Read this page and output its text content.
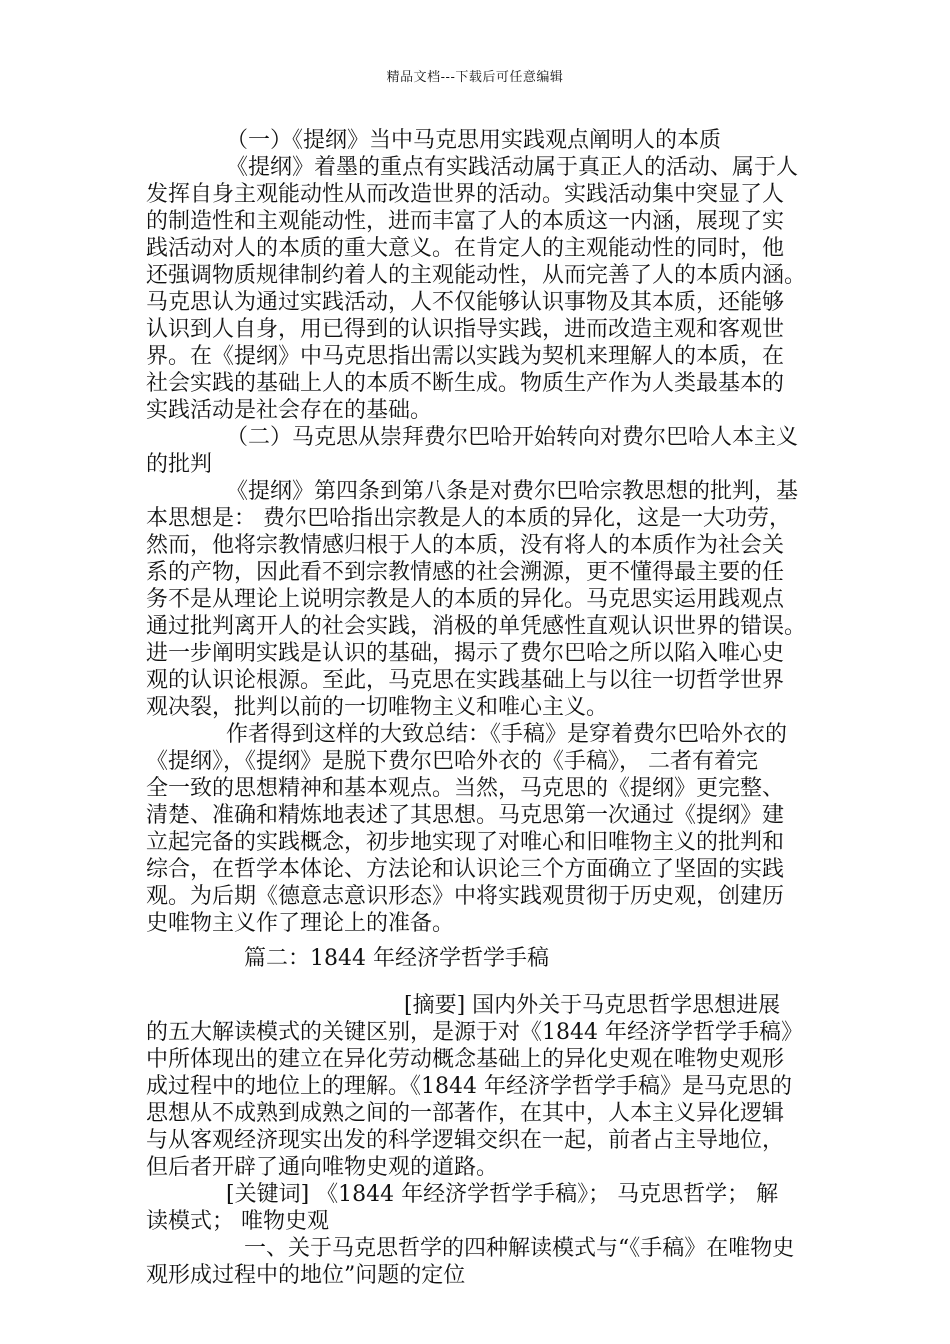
精品文档---下载后可任意编辑
（一）《提纲》当中马克思用实践观点阐明人的本质
《提纲》着墨的重点有实践活动属于真正人的活动、属于人
发挥自身主观能动性从而改造世界的活动。实践活动集中突显了人
的制造性和主观能动性，进而丰富了人的本质这一内涵，展现了实
践活动对人的本质的重大意义。在肯定人的主观能动性的同时，他
还强调物质规律制约着人的主观能动性，从而完善了人的本质内涵。
马克思认为通过实践活动，人不仅能够认识事物及其本质，还能够
认识到人自身，用已得到的认识指导实践，进而改造主观和客观世
界。在《提纲》中马克思指出需以实践为契机来理解人的本质，在
社会实践的基础上人的本质不断生成。物质生产作为人类最基本的
实践活动是社会存在的基础。
（二）马克思从崇拜费尔巴哈开始转向对费尔巴哈人本主义
的批判
《提纲》第四条到第八条是对费尔巴哈宗教思想的批判，基
本思想是： 费尔巴哈指出宗教是人的本质的异化，这是一大功劳，
然而，他将宗教情感归根于人的本质，没有将人的本质作为社会关
系的产物，因此看不到宗教情感的社会溯源，更不懂得最主要的任
务不是从理论上说明宗教是人的本质的异化。马克思实运用践观点
通过批判离开人的社会实践，消极的单凭感性直观认识世界的错误。
进一步阐明实践是认识的基础，揭示了费尔巴哈之所以陷入唯心史
观的认识论根源。至此，马克思在实践基础上与以往一切哲学世界
观决裂，批判以前的一切唯物主义和唯心主义。
作者得到这样的大致总结：《手稿》是穿着费尔巴哈外衣的
《提纲》，《提纲》是脱下费尔巴哈外衣的《手稿》， 二者有着完
全一致的思想精神和基本观点。当然，马克思的《提纲》更完整、
清楚、准确和精炼地表述了其思想。马克思第一次通过《提纲》建
立起完备的实践概念，初步地实现了对唯心和旧唯物主义的批判和
综合，在哲学本体论、方法论和认识论三个方面确立了坚固的实践
观。为后期《德意志意识形态》中将实践观贯彻于历史观，创建历
史唯物主义作了理论上的准备。
篇二：1844 年经济学哲学手稿
[摘要] 国内外关于马克思哲学思想进展
的五大解读模式的关键区别，是源于对《1844 年经济学哲学手稿》
中所体现出的建立在异化劳动概念基础上的异化史观在唯物史观形
成过程中的地位上的理解。《1844 年经济学哲学手稿》是马克思的
思想从不成熟到成熟之间的一部著作，在其中，人本主义异化逻辑
与从客观经济现实出发的科学逻辑交织在一起，前者占主导地位，
但后者开辟了通向唯物史观的道路。
[关键词] 《1844 年经济学哲学手稿》； 马克思哲学； 解
读模式； 唯物史观
一、关于马克思哲学的四种解读模式与“《手稿》在唯物史
观形成过程中的地位”问题的定位
